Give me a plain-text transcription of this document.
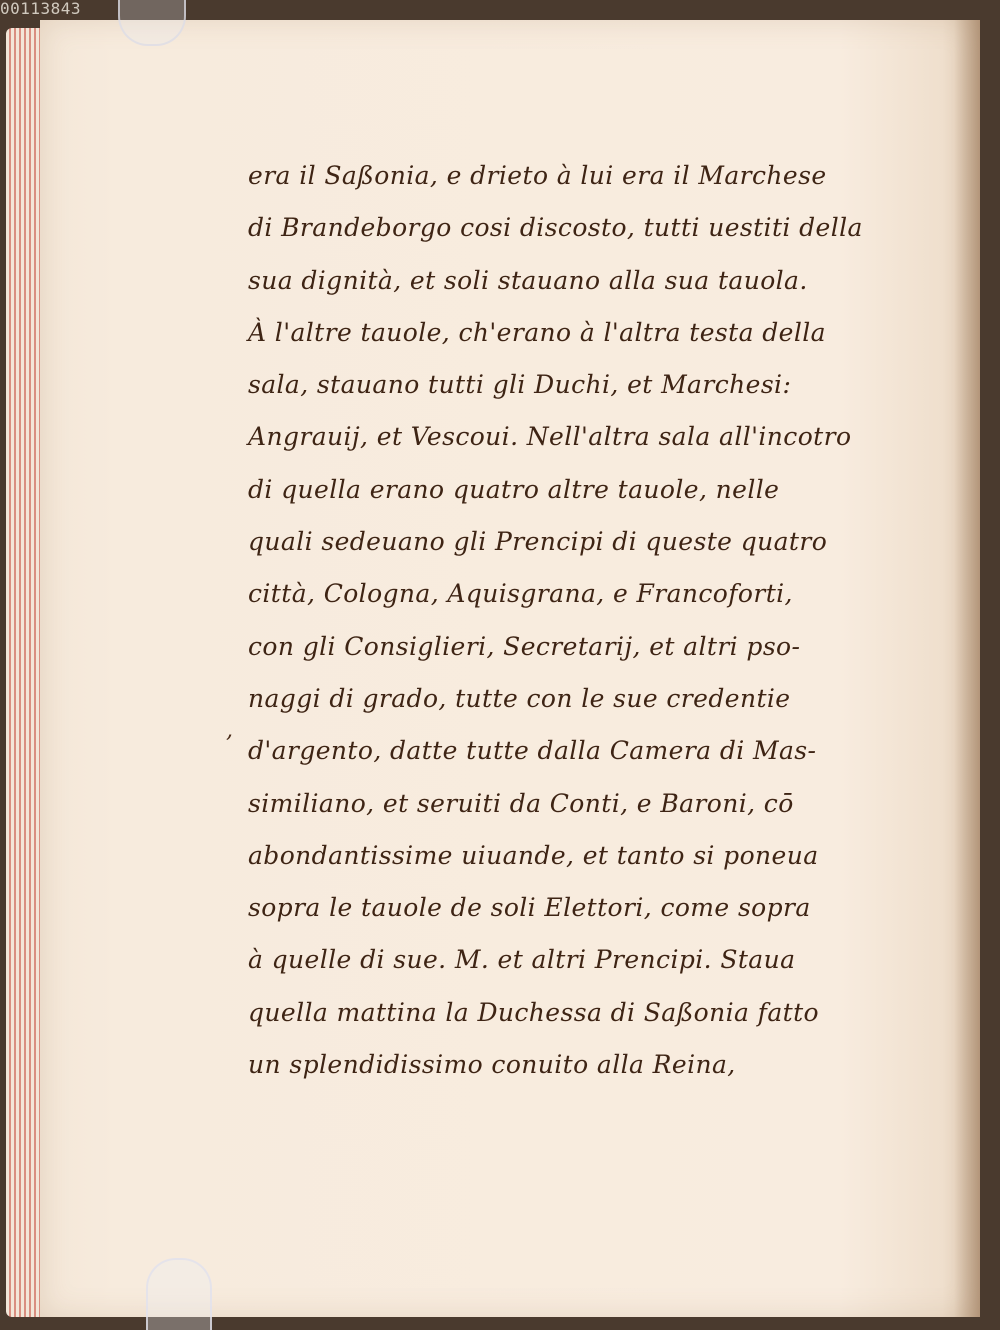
00113843
,
era il Saßonia, e drieto à lui era il Marchese
di Brandeborgo cosi discosto, tutti uestiti della
sua dignità, et soli stauano alla sua tauola.
À l'altre tauole, ch'erano à l'altra testa della
sala, stauano tutti gli Duchi, et Marchesi:
Angrauij, et Vescoui. Nell'altra sala all'incotro
di quella erano quatro altre tauole, nelle
quali sedeuano gli Prencipi di queste quatro
città, Cologna, Aquisgrana, e Francoforti,
con gli Consiglieri, Secretarij, et altri pso-
naggi di grado, tutte con le sue credentie
d'argento, datte tutte dalla Camera di Mas-
similiano, et seruiti da Conti, e Baroni, cō
abondantissime uiuande, et tanto si poneua
sopra le tauole de soli Elettori, come sopra
à quelle di sue. M. et altri Prencipi. Staua
quella mattina la Duchessa di Saßonia fatto
un splendidissimo conuito alla Reina,
